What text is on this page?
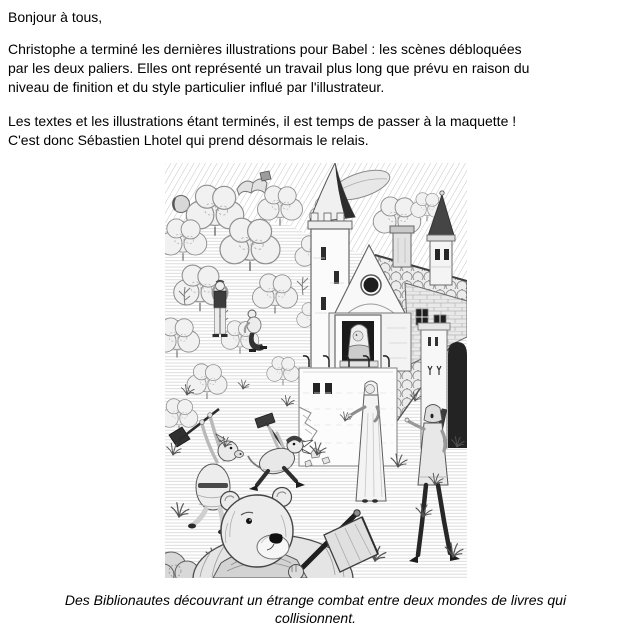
Bonjour à tous,
Christophe a terminé les dernières illustrations pour Babel : les scènes débloquées
par les deux paliers. Elles ont représenté un travail plus long que prévu en raison du
niveau de finition et du style particulier influé par l'illustrateur.
Les textes et les illustrations étant terminés, il est temps de passer à la maquette !
C'est donc Sébastien Lhotel qui prend désormais le relais.
Des Biblionautes découvrant un étrange combat entre deux mondes de livres qui
collisionnent.
